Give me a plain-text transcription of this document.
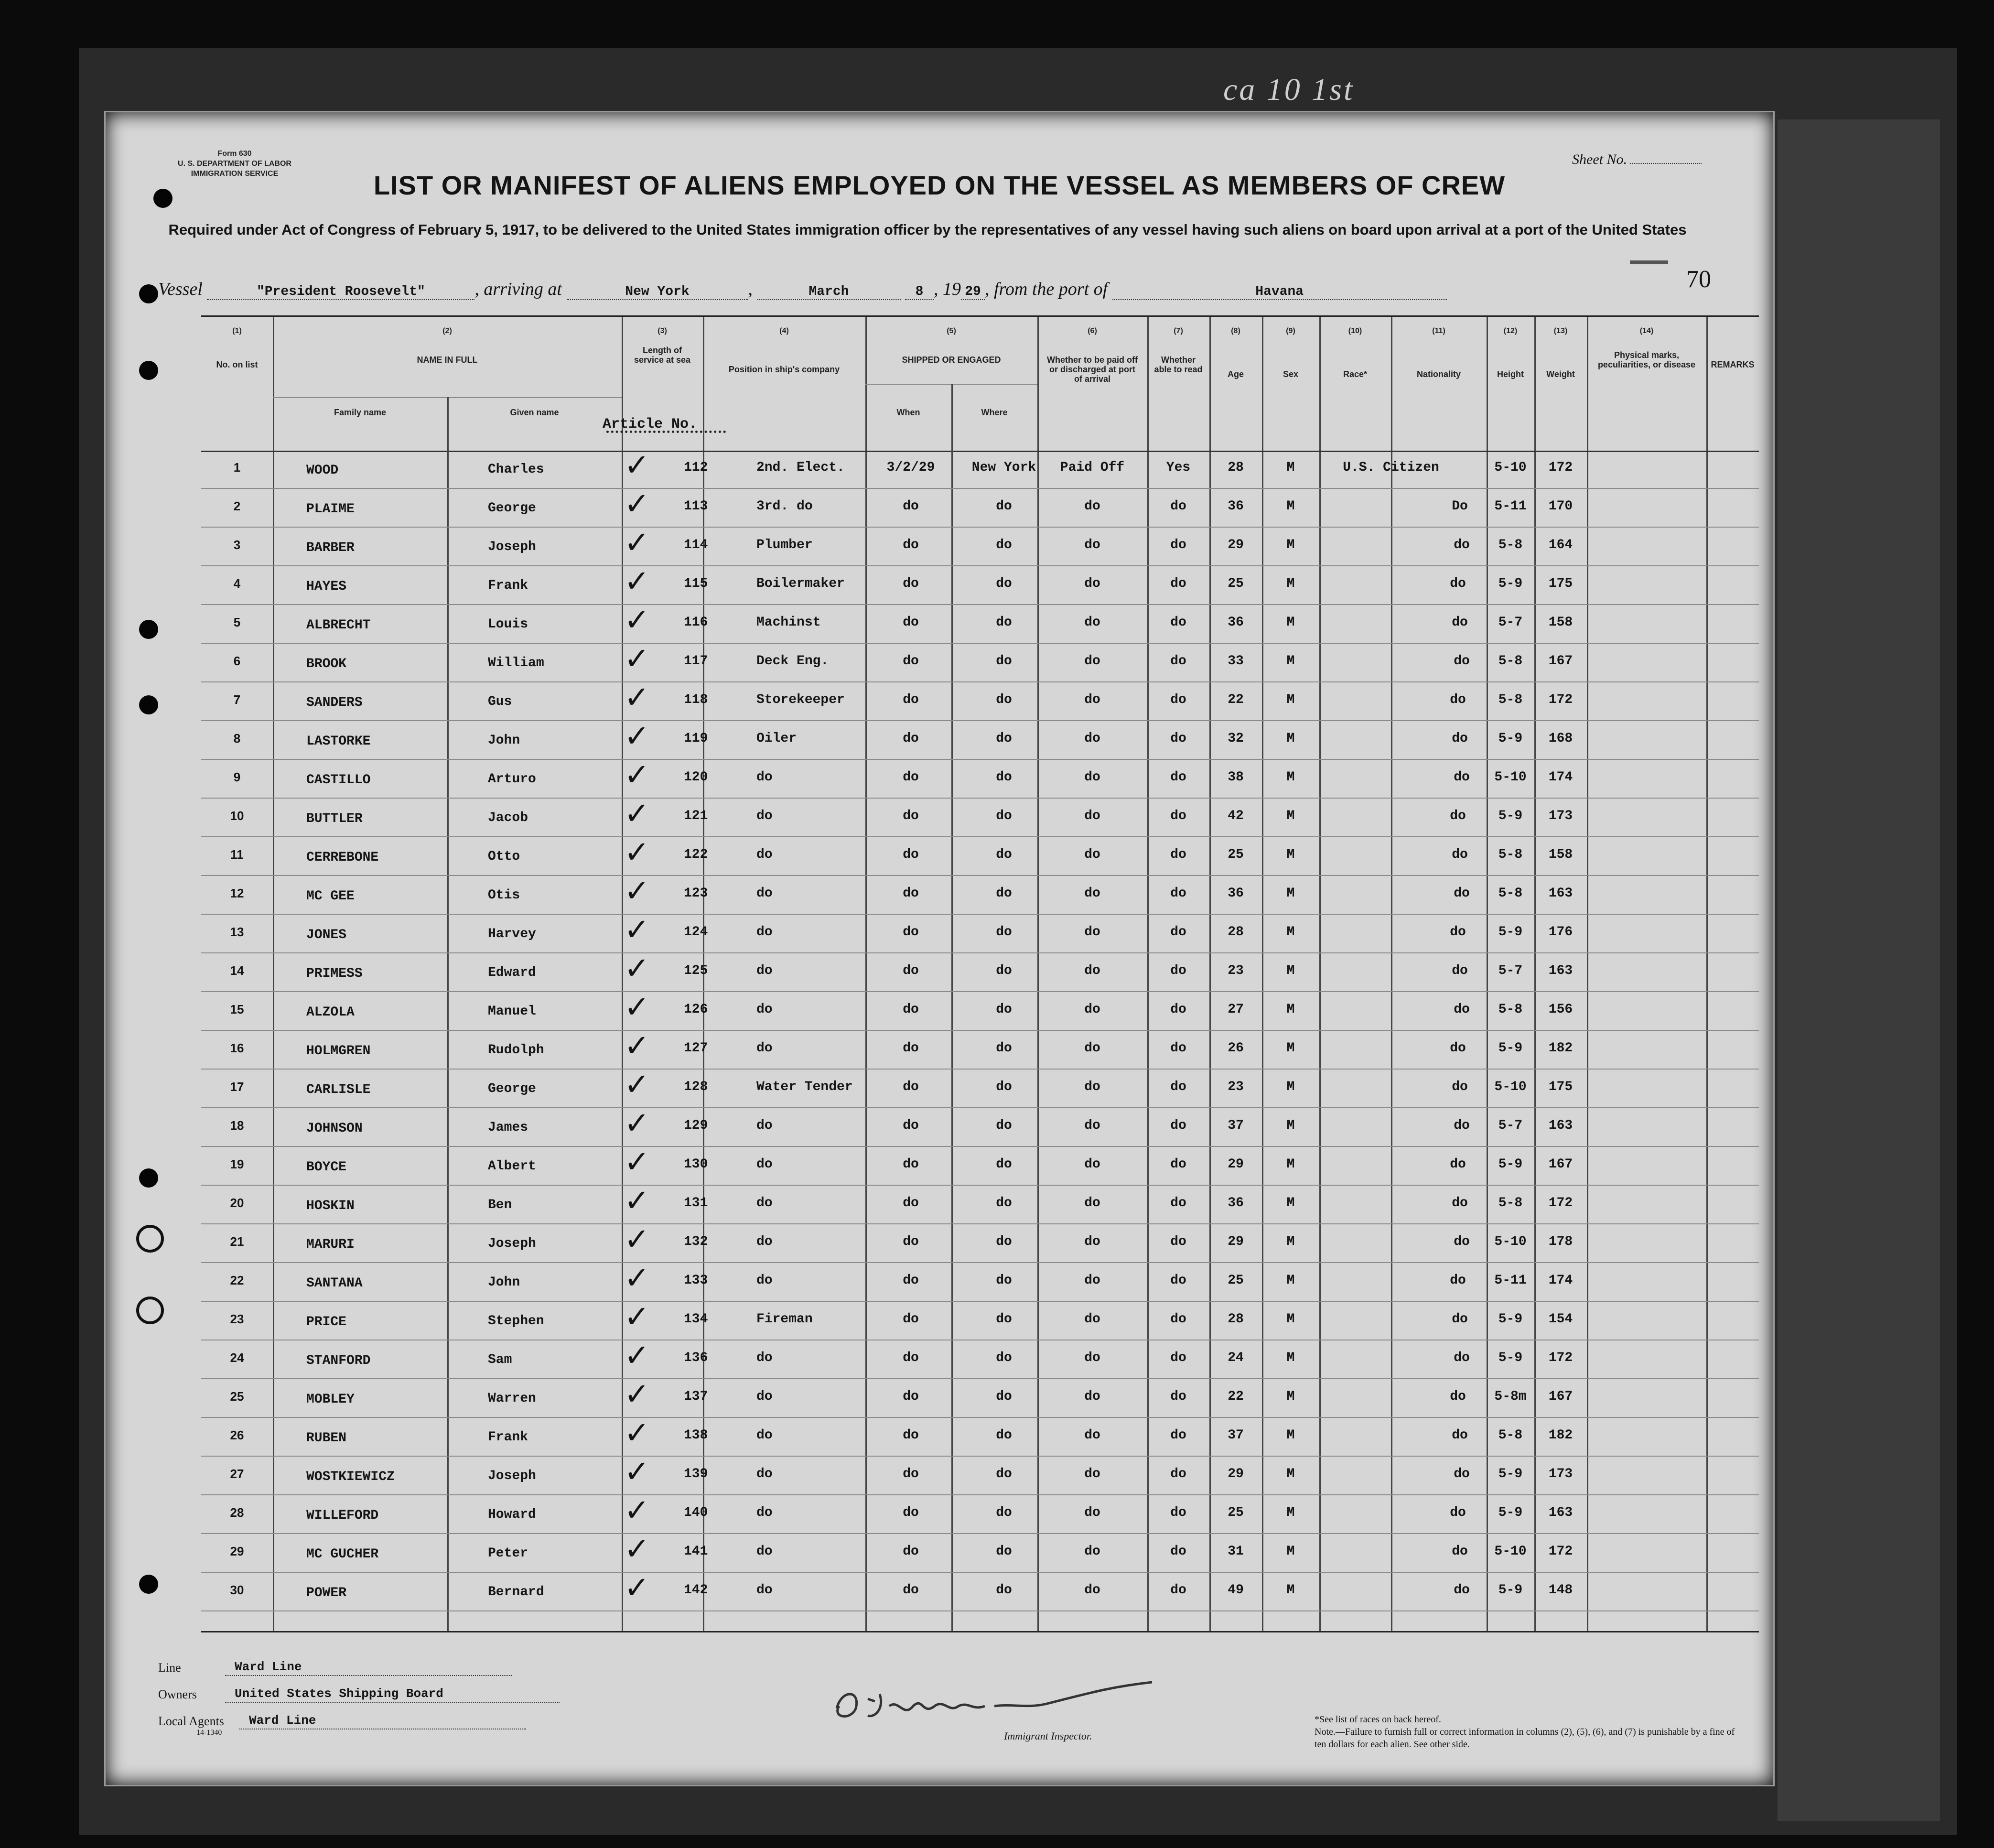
ca 10 1st
Form 630
U. S. DEPARTMENT OF LABOR
IMMIGRATION SERVICE
Sheet No.
LIST OR MANIFEST OF ALIENS EMPLOYED ON THE VESSEL AS MEMBERS OF CREW
Required under Act of Congress of February 5, 1917, to be delivered to the United States immigration officer by the representatives of any vessel having such aliens on board upon arrival at a port of the United States
Vessel	"President Roosevelt"	, arriving at	New York	,	March	8 , 19 29 , from the port of	Havana	70
(1)
No. on list
(2)
NAME IN FULL
Family name	Given name
(3)
Length of service at sea
(4)
Position in ship's company
(5)
SHIPPED OR ENGAGED
When	Where
(6)
Whether to be paid off or discharged at port of arrival
(7)
Whether able to read
(8)
Age
(9)
Sex
(10)
Race*
(11)
Nationality
(12)
Height
(13)
Weight
(14)
Physical marks, peculiarities, or disease	REMARKS
Article No.
✓
1	WOOD	Charles	112	2nd. Elect.	3/2/29	New York	Paid Off	Yes	28	M	U.S. Citizen	5-10	172
✓
2	PLAIME	George	113	3rd. do	do	do	do	do	36	M	Do	5-11	170
✓
3	BARBER	Joseph	114	Plumber	do	do	do	do	29	M	do	5-8	164
✓
4	HAYES	Frank	115	Boilermaker	do	do	do	do	25	M	do	5-9	175
✓
5	ALBRECHT	Louis	116	Machinst	do	do	do	do	36	M	do	5-7	158
✓
6	BROOK	William	117	Deck Eng.	do	do	do	do	33	M	do	5-8	167
✓
7	SANDERS	Gus	118	Storekeeper	do	do	do	do	22	M	do	5-8	172
✓
8	LASTORKE	John	119	Oiler	do	do	do	do	32	M	do	5-9	168
✓
9	CASTILLO	Arturo	120	do	do	do	do	do	38	M	do	5-10	174
✓
10	BUTTLER	Jacob	121	do	do	do	do	do	42	M	do	5-9	173
✓
11	CERREBONE	Otto	122	do	do	do	do	do	25	M	do	5-8	158
✓
12	MC GEE	Otis	123	do	do	do	do	do	36	M	do	5-8	163
✓
13	JONES	Harvey	124	do	do	do	do	do	28	M	do	5-9	176
✓
14	PRIMESS	Edward	125	do	do	do	do	do	23	M	do	5-7	163
✓
15	ALZOLA	Manuel	126	do	do	do	do	do	27	M	do	5-8	156
✓
16	HOLMGREN	Rudolph	127	do	do	do	do	do	26	M	do	5-9	182
✓
17	CARLISLE	George	128	Water Tender	do	do	do	do	23	M	do	5-10	175
✓
18	JOHNSON	James	129	do	do	do	do	do	37	M	do	5-7	163
✓
19	BOYCE	Albert	130	do	do	do	do	do	29	M	do	5-9	167
✓
20	HOSKIN	Ben	131	do	do	do	do	do	36	M	do	5-8	172
✓
21	MARURI	Joseph	132	do	do	do	do	do	29	M	do	5-10	178
✓
22	SANTANA	John	133	do	do	do	do	do	25	M	do	5-11	174
✓
23	PRICE	Stephen	134	Fireman	do	do	do	do	28	M	do	5-9	154
✓
24	STANFORD	Sam	136	do	do	do	do	do	24	M	do	5-9	172
✓
25	MOBLEY	Warren	137	do	do	do	do	do	22	M	do	5-8m	167
✓
26	RUBEN	Frank	138	do	do	do	do	do	37	M	do	5-8	182
✓
27	WOSTKIEWICZ	Joseph	139	do	do	do	do	do	29	M	do	5-9	173
✓
28	WILLEFORD	Howard	140	do	do	do	do	do	25	M	do	5-9	163
✓
29	MC GUCHER	Peter	141	do	do	do	do	do	31	M	do	5-10	172
✓
30	POWER	Bernard	142	do	do	do	do	do	49	M	do	5-9	148
Line	Ward Line
Owners	United States Shipping Board
Local Agents	Ward Line
14-1340
D J Warner
Immigrant Inspector.
*See list of races on back hereof.
Note.—Failure to furnish full or correct information in columns (2), (5), (6), and (7) is punishable by a fine of ten dollars for each alien. See other side.
